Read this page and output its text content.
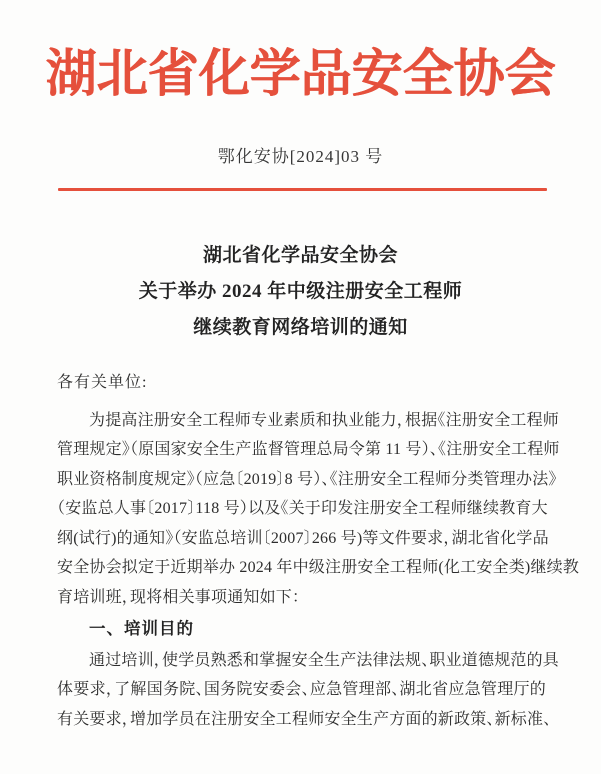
湖北省化学品安全协会
鄂化安协[2024]03 号
湖北省化学品安全协会
关于举办 2024 年中级注册安全工程师
继续教育网络培训的通知
各有关单位:
为提高注册安全工程师专业素质和执业能力，根据《注册安全工程师
管理规定》（原国家安全生产监督管理总局令第 11 号）、《注册安全工程师
职业资格制度规定》（应急〔2019〕8 号）、《注册安全工程师分类管理办法》
（安监总人事〔2017〕118 号）以及《关于印发注册安全工程师继续教育大
纲(试行)的通知》（安监总培训〔2007〕266 号)等文件要求，湖北省化学品
安全协会拟定于近期举办 2024 年中级注册安全工程师(化工安全类)继续教
育培训班，现将相关事项通知如下：
一、培训目的
通过培训，使学员熟悉和掌握安全生产法律法规、职业道德规范的具
体要求，了解国务院、国务院安委会、应急管理部、湖北省应急管理厅的
有关要求，增加学员在注册安全工程师安全生产方面的新政策、新标准、
